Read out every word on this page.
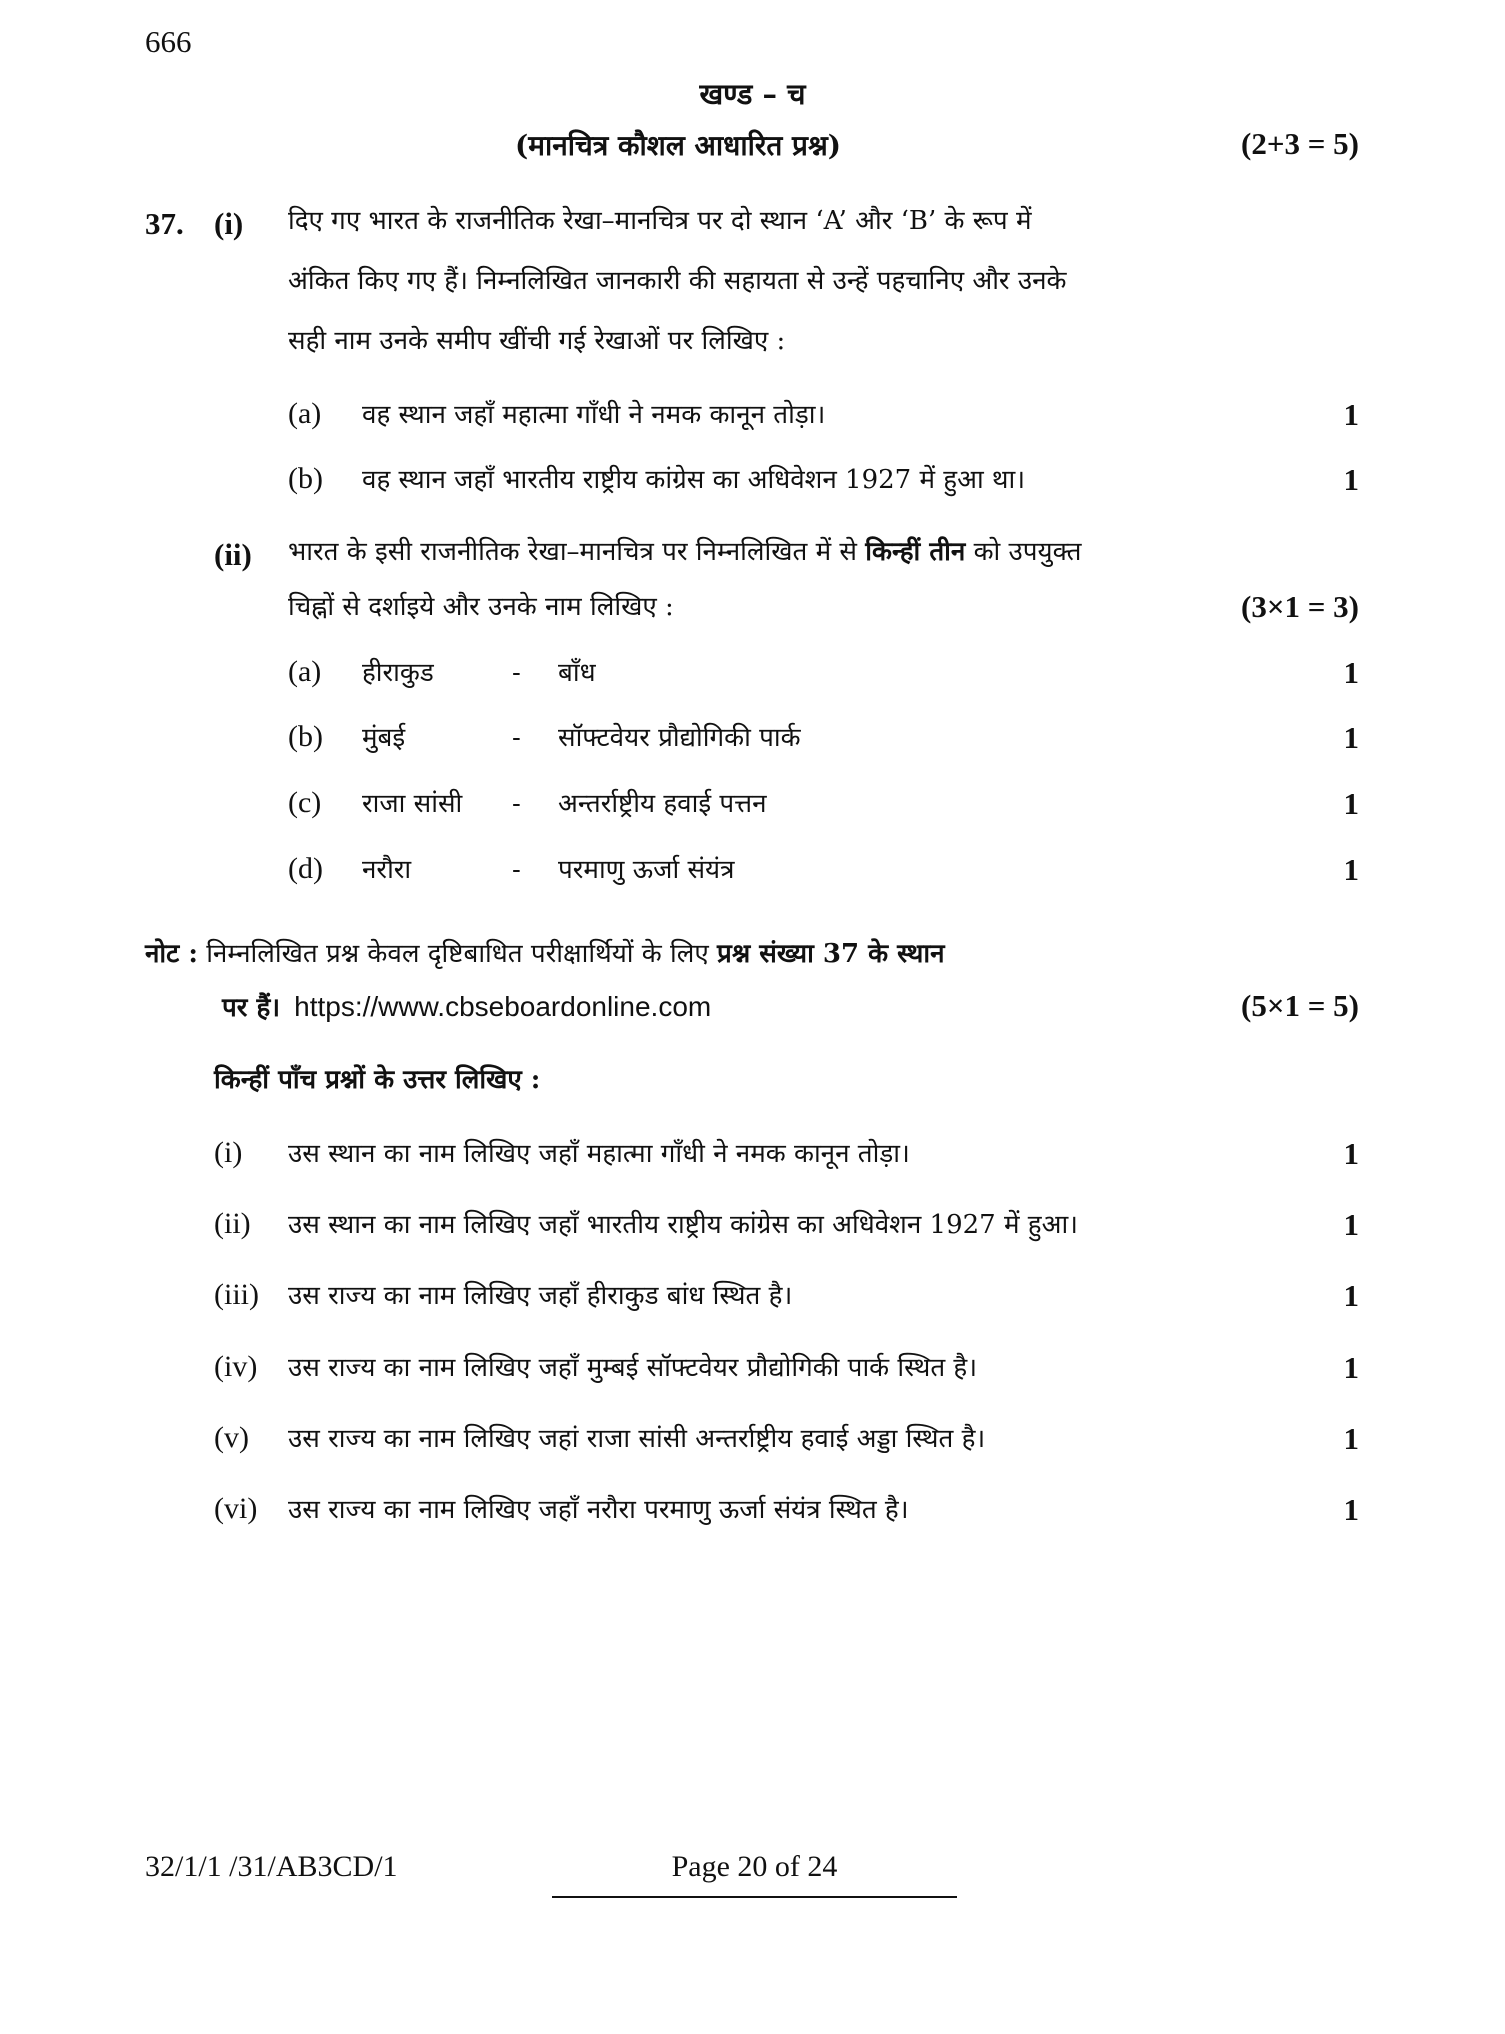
666
खण्ड – च
(मानचित्र कौशल आधारित प्रश्न)	(2+3 = 5)
37. (i) दिए गए भारत के राजनीतिक रेखा–मानचित्र पर दो स्थान ‘A’ और ‘B’ के रूप में
अंकित किए गए हैं। निम्नलिखित जानकारी की सहायता से उन्हें पहचानिए और उनके
सही नाम उनके समीप खींची गई रेखाओं पर लिखिए :
(a) वह स्थान जहाँ महात्मा गाँधी ने नमक कानून तोड़ा।	1
(b) वह स्थान जहाँ भारतीय राष्ट्रीय कांग्रेस का अधिवेशन 1927 में हुआ था।	1
(ii) भारत के इसी राजनीतिक रेखा–मानचित्र पर निम्नलिखित में से किन्हीं तीन को उपयुक्त
चिह्नों से दर्शाइये और उनके नाम लिखिए :	(3×1 = 3)
(a) हीराकुड	- बाँध	1
(b) मुंबई	- सॉफ्टवेयर प्रौद्योगिकी पार्क	1
(c) राजा सांसी - अन्तर्राष्ट्रीय हवाई पत्तन	1
(d) नरौरा	- परमाणु ऊर्जा संयंत्र	1
नोट : निम्नलिखित प्रश्न केवल दृष्टिबाधित परीक्षार्थियों के लिए प्रश्न संख्या 37 के स्थान
पर हैं। https://www.cbseboardonline.com	(5×1 = 5)
किन्हीं पाँच प्रश्नों के उत्तर लिखिए :
(i) उस स्थान का नाम लिखिए जहाँ महात्मा गाँधी ने नमक कानून तोड़ा।	1
(ii) उस स्थान का नाम लिखिए जहाँ भारतीय राष्ट्रीय कांग्रेस का अधिवेशन 1927 में हुआ।	1
(iii) उस राज्य का नाम लिखिए जहाँ हीराकुड बांध स्थित है।	1
(iv) उस राज्य का नाम लिखिए जहाँ मुम्बई सॉफ्टवेयर प्रौद्योगिकी पार्क स्थित है।	1
(v) उस राज्य का नाम लिखिए जहां राजा सांसी अन्तर्राष्ट्रीय हवाई अड्डा स्थित है।	1
(vi) उस राज्य का नाम लिखिए जहाँ नरौरा परमाणु ऊर्जा संयंत्र स्थित है।	1
32/1/1 /31/AB3CD/1	Page 20 of 24
